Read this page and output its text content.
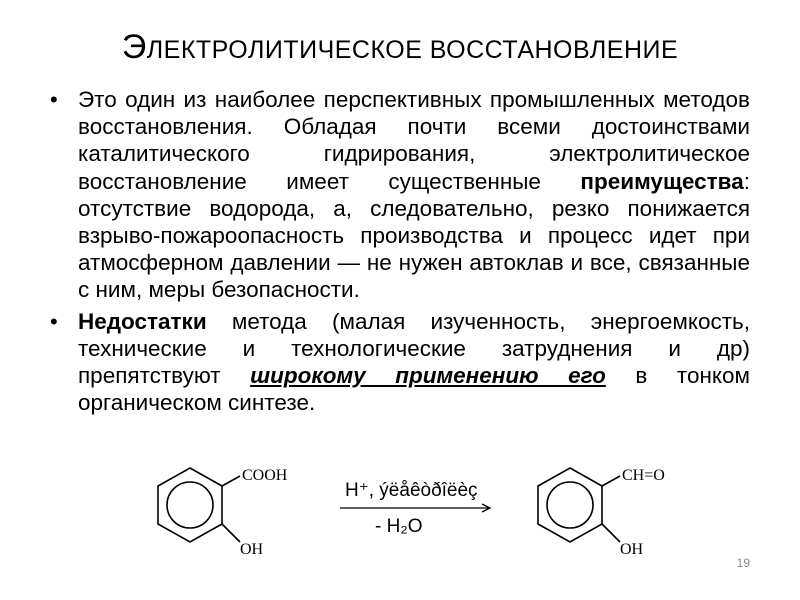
ЭЛЕКТРОЛИТИЧЕСКОЕ ВОССТАНОВЛЕНИЕ
• Это один из наиболее перспективных промышленных методов восстановления. Обладая почти всеми достоинствами каталитического гидрирования, электролитическое восстановление имеет существенные преимущества: отсутствие водорода, а, следовательно, резко понижается взрыво-пожароопасность производства и процесс идет при атмосферном давлении — не нужен автоклав и все, связанные с ним, меры безопасности.
• Недостатки метода (малая изученность, энергоемкость, технические и технологические затруднения и др) препятствуют широкому применению его в тонком органическом синтезе.
COOH
OH
H⁺, ýëåêòðîëèç
- H₂O
CH=O
OH
19
